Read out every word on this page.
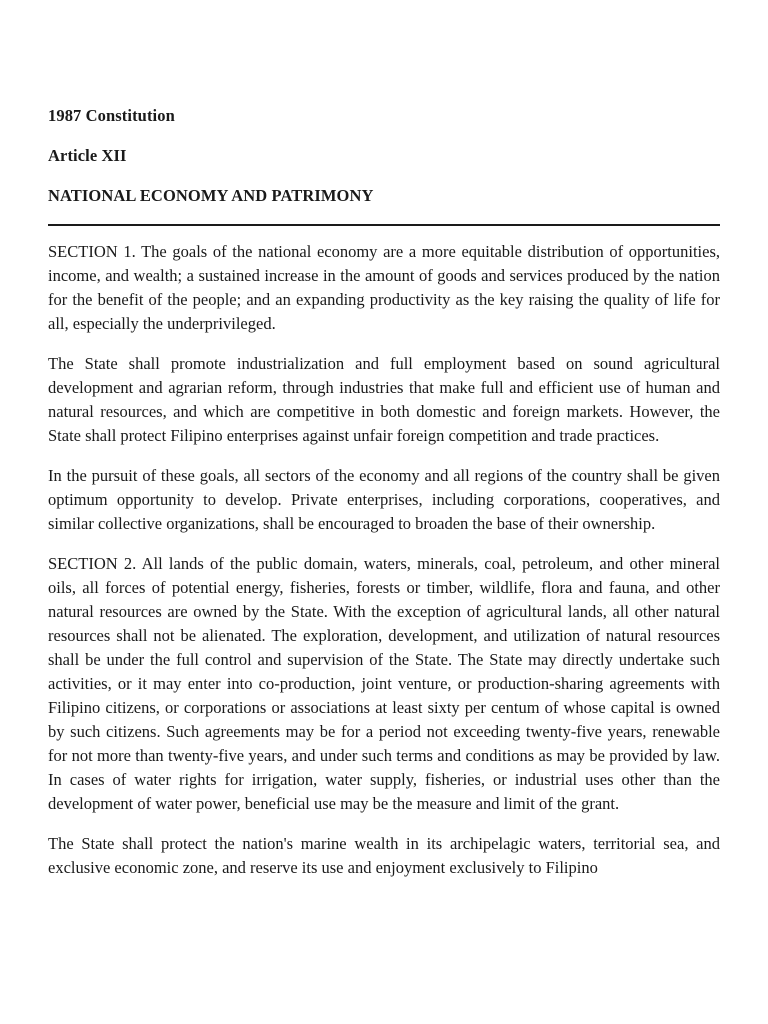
1987 Constitution
Article XII
NATIONAL ECONOMY AND PATRIMONY

SECTION 1. The goals of the national economy are a more equitable distribution of opportunities, income, and wealth; a sustained increase in the amount of goods and services produced by the nation for the benefit of the people; and an expanding productivity as the key raising the quality of life for all, especially the underprivileged.

The State shall promote industrialization and full employment based on sound agricultural development and agrarian reform, through industries that make full and efficient use of human and natural resources, and which are competitive in both domestic and foreign markets. However, the State shall protect Filipino enterprises against unfair foreign competition and trade practices.

In the pursuit of these goals, all sectors of the economy and all regions of the country shall be given optimum opportunity to develop. Private enterprises, including corporations, cooperatives, and similar collective organizations, shall be encouraged to broaden the base of their ownership.

SECTION 2. All lands of the public domain, waters, minerals, coal, petroleum, and other mineral oils, all forces of potential energy, fisheries, forests or timber, wildlife, flora and fauna, and other natural resources are owned by the State. With the exception of agricultural lands, all other natural resources shall not be alienated. The exploration, development, and utilization of natural resources shall be under the full control and supervision of the State. The State may directly undertake such activities, or it may enter into co-production, joint venture, or production-sharing agreements with Filipino citizens, or corporations or associations at least sixty per centum of whose capital is owned by such citizens. Such agreements may be for a period not exceeding twenty-five years, renewable for not more than twenty-five years, and under such terms and conditions as may be provided by law. In cases of water rights for irrigation, water supply, fisheries, or industrial uses other than the development of water power, beneficial use may be the measure and limit of the grant.

The State shall protect the nation's marine wealth in its archipelagic waters, territorial sea, and exclusive economic zone, and reserve its use and enjoyment exclusively to Filipino
